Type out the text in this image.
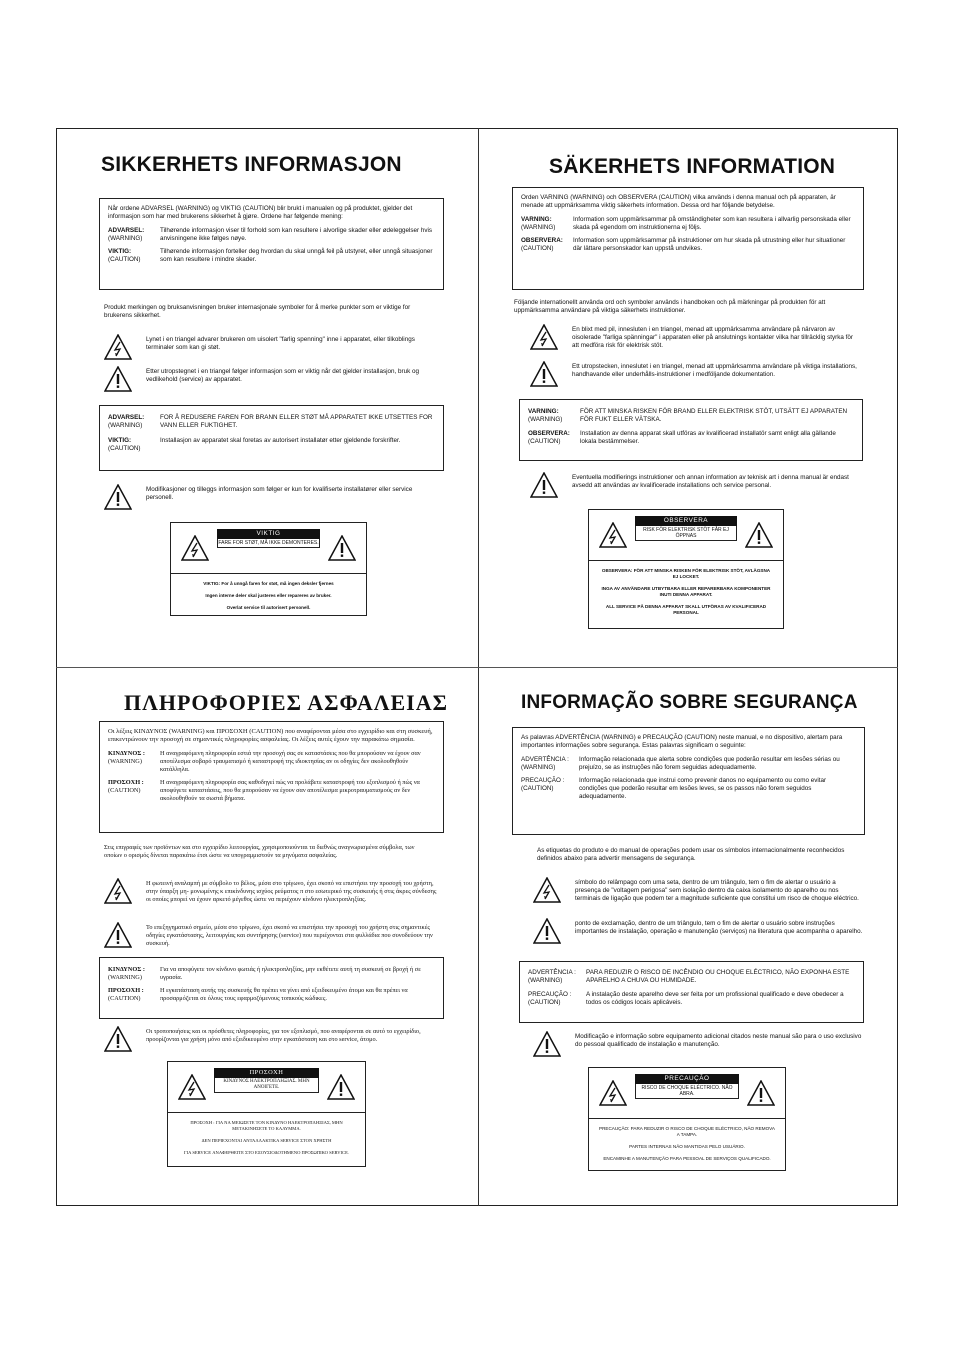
SIKKERHETS INFORMASJON
Når ordene ADVARSEL (WARNING) og VIKTIG (CAUTION) blir brukt i manualen og på produktet, gjelder det informasjon som har med brukerens sikkerhet å gjøre. Ordene har følgende mening:
ADVARSEL:
(WARNING)
Tilhørende informasjon viser til forhold som kan resultere i alvorlige skader eller ødeleggelser hvis anvisningene ikke følges nøye.
VIKTIG:
(CAUTION)
Tilhørende informasjon forteller deg hvordan du skal unngå feil på utstyret, eller unngå situasjoner som kan resultere i mindre skader.
Produkt merkingen og bruksanvisningen bruker internasjonale symboler for å merke punkter som er viktige for brukerens sikkerhet.
Lynet i en triangel advarer brukeren om uisolert "farlig spenning" inne i apparatet, eller tilkoblings terminaler som kan gi støt.
Etter utropstegnet i en triangel følger informasjon som er viktig når det gjelder installasjon, bruk og vedlikehold (service) av apparatet.
ADVARSEL:
(WARNING)
FOR Å REDUSERE FAREN FOR BRANN ELLER STØT MÅ APPARATET IKKE UTSETTES FOR VANN ELLER FUKTIGHET.
VIKTIG:
(CAUTION)
Installasjon av apparatet skal foretas av autorisert installatør etter gjeldende forskrifter.
Modifikasjoner og tilleggs informasjon som følger er kun for kvalifiserte installatører eller service personell.
VIKTIG
FARE FOR STØT, MÅ IKKE DEMONTERES.
VIKTIG: For å unngå faren for støt, må ingen deksler fjernes
Ingen interne deler skal justeres eller repareres av bruker.
Overlat service til autorisert personell.
SÄKERHETS INFORMATION
Orden VARNING (WARNING) och OBSERVERA (CAUTION) vilka används i denna manual och på apparaten, är menade att uppmärksamma viktig säkerhets information. Dessa ord har följande betydelse.
VARNING:
(WARNING)
Information som uppmärksammar på omständigheter som kan resultera i allvarlig personskada eller skada på egendom om instruktionerna ej följs.
OBSERVERA:
(CAUTION)
Information som uppmärksammar på instruktioner om hur skada på utrustning eller hur situationer där lättare personskador kan uppstå undvikes.
Följande internationellt använda ord och symboler används i handboken och på märkningar på produkten för att uppmärksamma användare på viktiga säkerhets instruktioner.
En blixt med pil, innesluten i en triangel, menad att uppmärksamma användare på närvaron av oisolerade "farliga spänningar" i apparaten eller på anslutnings kontakter vilka har tillräcklig styrka för att medföra risk för elektrisk stöt.
Ett utropstecken, inneslutet i en triangel, menad att uppmärksamma användare på viktiga installations, handhavande eller underhålls-instruktioner i medföljande dokumentation.
VARNING:
(WARNING)
FÖR ATT MINSKA RISKEN FÖR BRAND ELLER ELEKTRISK STÖT, UTSÄTT EJ APPARATEN FÖR FUKT ELLER VÄTSKA.
OBSERVERA:
(CAUTION)
Installation av denna apparat skall utföras av kvalificerad installatör samt enligt alla gällande lokala bestämmelser.
Eventuella modifierings instruktioner och annan information av teknisk art i denna manual är endast avsedd att användas av kvalificerade installations och service personal.
OBSERVERA
RISK FÖR ELEKTRISK STÖT FÅR EJ ÖPPNAS
OBSERVERA: FÖR ATT MINSKA RISKEN FÖR ELEKTRISK STÖT, AVLÄGSNA EJ LOCKET.
INGA AV ANVÄNDARE UTBYTBARA ELLER REPARERBARA KOMPONENTER INUTI DENNA APPARAT.
ALL SERVICE PÅ DENNA APPARAT SKALL UTFÖRAS AV KVALIFICERAD PERSONAL
ΠΛΗΡΟΦΟΡΙΕΣ ΑΣΦΑΛΕΙΑΣ
Οι λέξεις ΚΙΝΔΥΝΟΣ (WARNING) και ΠΡΟΣΟΧΗ (CAUTION) που αναφέρονται μέσα στο εγχειρίδιο και στη συσκευή, επικεντρώνουν την προσοχή σε σημαντικές πληροφορίες ασφαλείας. Οι λέξεις αυτές έχουν την παρακάτω σημασία.
ΚΙΝΔΥΝΟΣ :
(WARNING)
Η αναγραφόμενη πληροφορία εστιά την προσοχή σας σε καταστάσεις που θα μπορούσαν να έχουν σαν αποτέλεσμα σοβαρό τραυματισμό ή καταστροφή της ιδιοκτησίας αν οι οδηγίες δεν ακολουθηθούν κατάλληλα.
ΠΡΟΣΟΧΗ :
(CAUTION)
Η αναγραφόμενη πληροφορία σας καθοδηγεί πώς να προλάβετε καταστροφή του εξοπλισμού ή πώς να αποφύγετε καταστάσεις, που θα μπορούσαν να έχουν σαν αποτέλεσμα μικροτραυματισμούς αν δεν ακολουθηθούν τα σωστά βήματα.
Στις επιγραφές των προϊόντων και στο εγχειρίδιο λειτουργίας, χρησιμοποιούνται τα διεθνώς αναγνωρισμένα σύμβολα, των οποίων ο ορισμός δίνεται παρακάτω έτσι ώστε να υπογραμμιστούν τα μηνύματα ασφαλείας.
Η φωτεινή αναλαμπή με σύμβολο το βέλος, μέσα στο τρίγωνο, έχει σκοπό να επιστήσει την προσοχή του χρήστη, στην ύπαρξη μη- μονωμένης κ επικίνδυνης ισχύος ρεύματος π στο εσωτερικό της συσκευής ή στις άκρες σύνδεσης οι οποίες μπορεί να έχουν αρκετό μέγεθος ώστε να περιέχουν κίνδυνο ηλεκτροπληξίας.
Το επεξηγηματικό σημείο, μέσα στο τρίγωνο, έχει σκοπό να επιστήσει την προσοχή του χρήστη στις σημαντικές οδηγίες εγκατάστασης, λειτουργίας και συντήρησης (service) που περιέχονται στα φυλλάδια που συνοδεύουν την συσκευή.
ΚΙΝΔΥΝΟΣ :
(WARNING)
Για να αποφύγετε τον κίνδυνο φωτιάς ή ηλεκτροπληξίας, μην εκθέτετε αυτή τη συσκευή σε βροχή ή σε υγρασία.
ΠΡΟΣΟΧΗ :
(CAUTION)
Η εγκατάσταση αυτής της συσκευής θα πρέπει να γίνει από εξειδικευμένο άτομο και θα πρέπει να προσαρμόζεται σε όλους τους εφαρμοζόμενους τοπικούς κώδικες.
Οι τροποποιήσεις και οι πρόσθετες πληροφορίες, για τον εξοπλισμό, που αναφέρονται σε αυτό το εγχειρίδιο, προορίζονται για χρήση μόνο από εξειδικευμένο στην εγκατάσταση και στο service, άτομο.
ΠΡΟΣΟΧΗ
ΚΙΝΔΥΝΟΣ ΗΛΕΚΤΡΟΠΛΗΞΙΑΣ. ΜΗΝ ΑΝΟΙΓΕΤΕ.
ΠΡΟΣΟΧΗ : ΓΙΑ ΝΑ ΜΕΙΩΣΕΤΕ ΤΟΝ ΚΙΝΔΥΝΟ ΗΛΕΚΤΡΟΠΛΗΞΙΑΣ, ΜΗΝ ΜΕΤΑΚΙΝΗΣΕΤΕ ΤΟ ΚΑΛΥΜΜΑ.
ΔΕΝ ΠΕΡΙΕΧΟΝΤΑΙ ΑΝΤΑΛΛΑΚΤΙΚΑ SERVICE ΣΤΟΝ ΧΡΗΣΤΗ
ΓΙΑ SERVICE ΑΝΑΦΕΡΘΕΙΤΕ ΣΤΟ ΕΞΟΥΣΙΟΔΟΤΗΜΕΝΟ ΠΡΟΣΩΠΙΚΟ SERVICE.
INFORMAÇÃO SOBRE SEGURANÇA
As palavras ADVERTÊNCIA (WARNING) e PRECAUÇÃO (CAUTION) neste manual, e no dispositivo, alertam para importantes informações sobre segurança. Estas palavras significam o seguinte:
ADVERTÊNCIA :
(WARNING)
Informação relacionada que alerta sobre condições que poderão resultar em lesões sérias ou prejuízo, se as instruções não forem seguidas adequadamente.
PRECAUÇÃO :
(CAUTION)
Informação relacionada que instrui como prevenir danos no equipamento ou como evitar condições que poderão resultar em lesões leves, se os passos não forem seguidos adequadamente.
As etiquetas do produto e do manual de operações podem usar os símbolos internacionalmente reconhecidos definidos abaixo para advertir mensagens de segurança.
símbolo do relâmpago com uma seta, dentro de um triângulo, tem o fim de alertar o usuário a presença de "voltagem perigosa" sem isolação dentro da caixa isolamento do aparelho ou nos terminais de ligação que podem ter a magnitude suficiente que constitui um risco de choque eléctrico.
ponto de exclamação, dentro de um triângulo, tem o fim de alertar o usuário sobre instruções importantes de instalação, operação e manutenção (serviços) na literatura que acompanha o aparelho.
ADVERTÊNCIA :
(WARNING)
PARA REDUZIR O RISCO DE INCÊNDIO OU CHOQUE ELÉCTRICO, NÃO EXPONHA ESTE APARELHO A CHUVA OU HUMIDADE.
PRECAUÇÃO :
(CAUTION)
A instalação deste aparelho deve ser feita por um profissional qualificado e deve obedecer a todos os códigos locais aplicáveis.
Modificação e informação sobre equipamento adicional citados neste manual são para o uso exclusivo do pessoal qualificado de instalação e manutenção.
PRECAUÇÃO
RISCO DE CHOQUE ELÉCTRICO. NÃO ABRA.
PRECAUÇÃO: PARA REDUZIR O RISCO DE CHOQUE ELÉCTRICO, NÃO REMOVA A TAMPA.
PARTES INTERNAS NÃO MANTIDAS PELO USUÁRIO.
ENCAMINHE A MANUTENÇÃO PARA PESSOAL DE SERVIÇOS QUALIFICADO.
